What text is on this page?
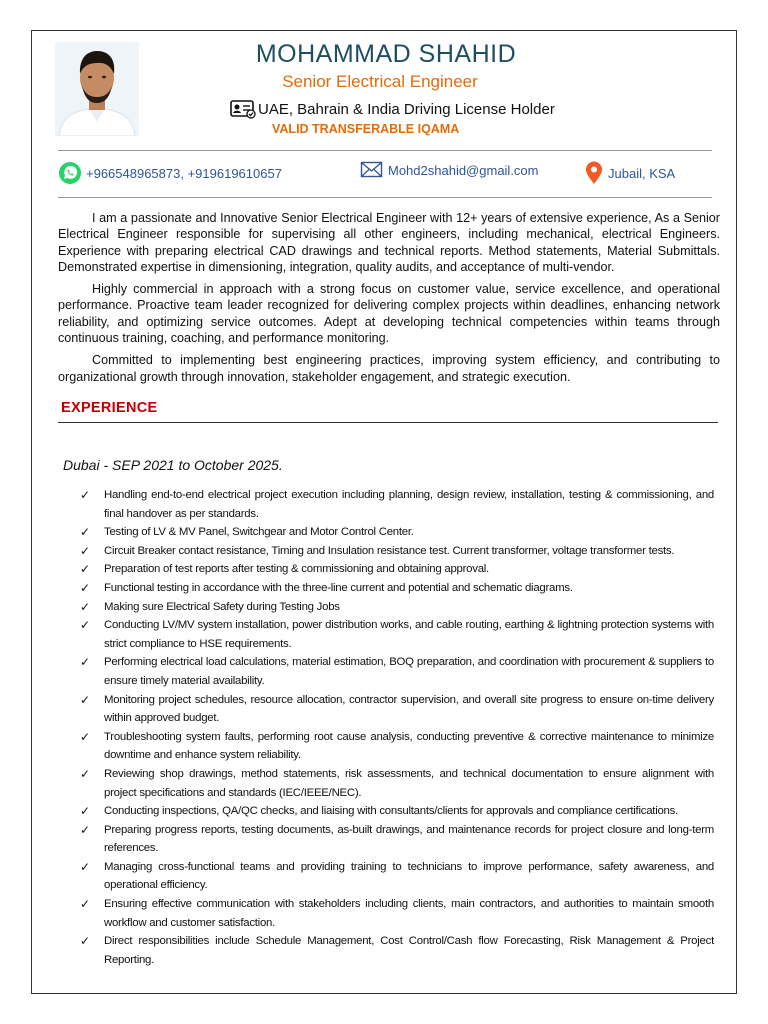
MOHAMMAD SHAHID
Senior Electrical Engineer
UAE, Bahrain & India Driving License Holder
VALID TRANSFERABLE IQAMA
+966548965873, +919619610657	Mohd2shahid@gmail.com	Jubail, KSA

I am a passionate and Innovative Senior Electrical Engineer with 12+ years of extensive experience, As a Senior Electrical Engineer responsible for supervising all other engineers, including mechanical, electrical Engineers. Experience with preparing electrical CAD drawings and technical reports. Method statements, Material Submittals. Demonstrated expertise in dimensioning, integration, quality audits, and acceptance of multi-vendor.

Highly commercial in approach with a strong focus on customer value, service excellence, and operational performance. Proactive team leader recognized for delivering complex projects within deadlines, enhancing network reliability, and optimizing service outcomes. Adept at developing technical competencies within teams through continuous training, coaching, and performance monitoring.

Committed to implementing best engineering practices, improving system efficiency, and contributing to organizational growth through innovation, stakeholder engagement, and strategic execution.

EXPERIENCE
Dubai - SEP 2021 to October 2025.
✓ Handling end-to-end electrical project execution including planning, design review, installation, testing & commissioning, and final handover as per standards.
✓ Testing of LV & MV Panel, Switchgear and Motor Control Center.
✓ Circuit Breaker contact resistance, Timing and Insulation resistance test. Current transformer, voltage transformer tests.
✓ Preparation of test reports after testing & commissioning and obtaining approval.
✓ Functional testing in accordance with the three-line current and potential and schematic diagrams.
✓ Making sure Electrical Safety during Testing Jobs
✓ Conducting LV/MV system installation, power distribution works, and cable routing, earthing & lightning protection systems with strict compliance to HSE requirements.
✓ Performing electrical load calculations, material estimation, BOQ preparation, and coordination with procurement & suppliers to ensure timely material availability.
✓ Monitoring project schedules, resource allocation, contractor supervision, and overall site progress to ensure on-time delivery within approved budget.
✓ Troubleshooting system faults, performing root cause analysis, conducting preventive & corrective maintenance to minimize downtime and enhance system reliability.
✓ Reviewing shop drawings, method statements, risk assessments, and technical documentation to ensure alignment with project specifications and standards (IEC/IEEE/NEC).
✓ Conducting inspections, QA/QC checks, and liaising with consultants/clients for approvals and compliance certifications.
✓ Preparing progress reports, testing documents, as-built drawings, and maintenance records for project closure and long-term references.
✓ Managing cross-functional teams and providing training to technicians to improve performance, safety awareness, and operational efficiency.
✓ Ensuring effective communication with stakeholders including clients, main contractors, and authorities to maintain smooth workflow and customer satisfaction.
✓ Direct responsibilities include Schedule Management, Cost Control/Cash flow Forecasting, Risk Management & Project Reporting.
